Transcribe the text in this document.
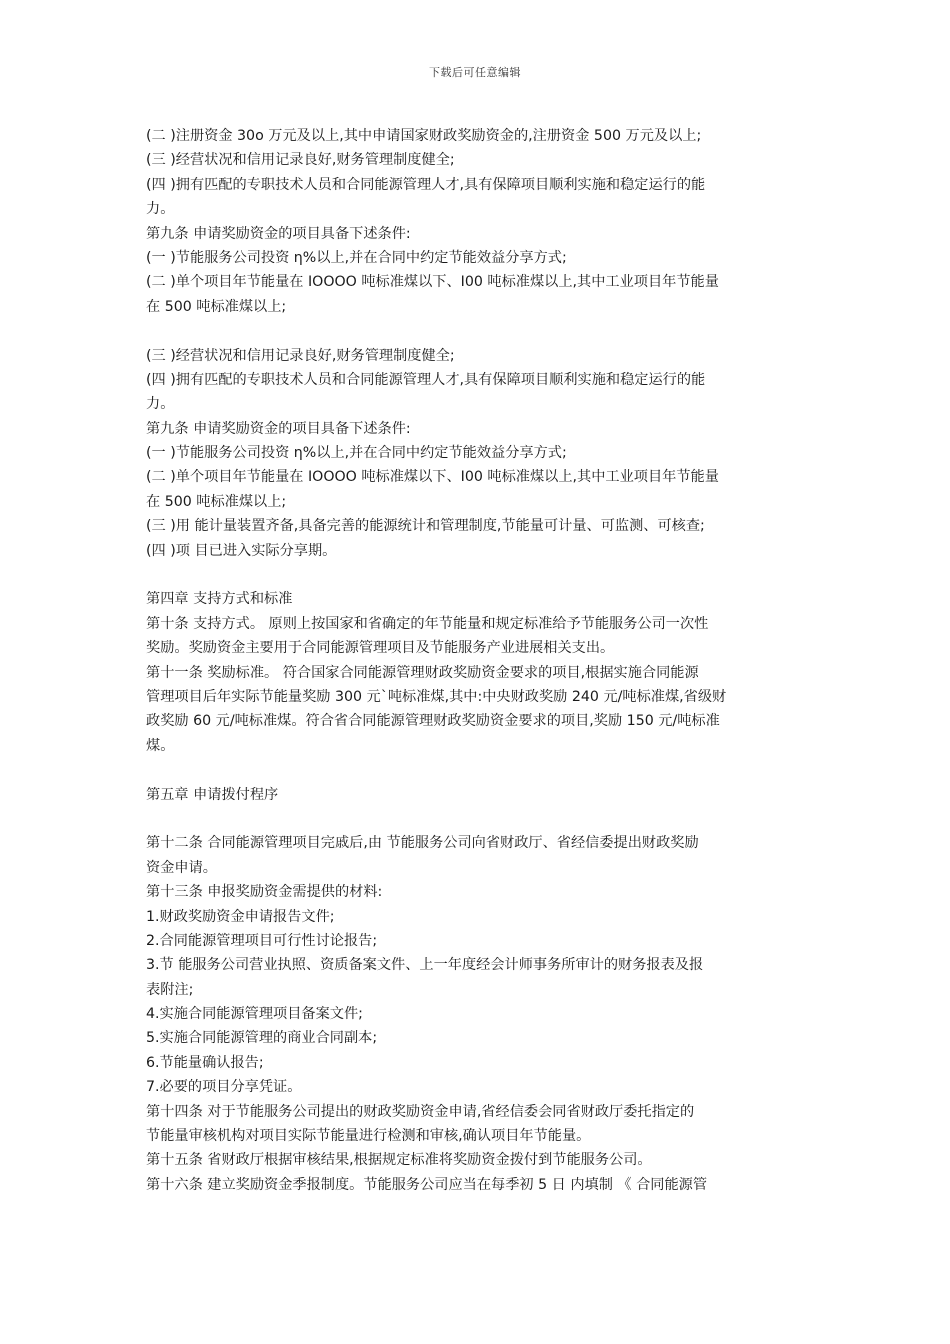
下载后可任意编辑
(二 )注册资金 30o 万元及以上,其中申请国家财政奖励资金的,注册资金 500 万元及以上;
(三 )经营状况和信用记录良好,财务管理制度健全;
(四 )拥有匹配的专职技术人员和合同能源管理人才,具有保障项目顺利实施和稳定运行的能
力。
第九条 申请奖励资金的项目具备下述条件:
(一 )节能服务公司投资 η%以上,并在合同中约定节能效益分享方式;
(二 )单个项目年节能量在 IOOOO 吨标准煤以下、I00 吨标准煤以上,其中工业项目年节能量
在 500 吨标准煤以上;
(三 )经营状况和信用记录良好,财务管理制度健全;
(四 )拥有匹配的专职技术人员和合同能源管理人才,具有保障项目顺利实施和稳定运行的能
力。
第九条 申请奖励资金的项目具备下述条件:
(一 )节能服务公司投资 η%以上,并在合同中约定节能效益分享方式;
(二 )单个项目年节能量在 IOOOO 吨标准煤以下、I00 吨标准煤以上,其中工业项目年节能量
在 500 吨标准煤以上;
(三 )用 能计量装置齐备,具备完善的能源统计和管理制度,节能量可计量、可监测、可核查;
(四 )项 目已进入实际分享期。
第四章 支持方式和标准
第十条 支持方式。 原则上按国家和省确定的年节能量和规定标准给予节能服务公司一次性
奖励。奖励资金主要用于合同能源管理项目及节能服务产业进展相关支出。
第十一条 奖励标准。 符合国家合同能源管理财政奖励资金要求的项目,根据实施合同能源
管理项目后年实际节能量奖励 300 元`吨标准煤,其中:中央财政奖励 240 元/吨标准煤,省级财
政奖励 60 元/吨标准煤。符合省合同能源管理财政奖励资金要求的项目,奖励 150 元/吨标准
煤。
第五章 申请拨付程序
第十二条 合同能源管理项目完戚后,由 节能服务公司向省财政厅、省经信委提出财政奖励
资金申请。
第十三条 申报奖励资金需提供的材料:
1.财政奖励资金申请报告文件;
2.合同能源管理项目可行性讨论报告;
3.节 能服务公司营业执照、资质备案文件、上一年度经会计师事务所审计的财务报表及报
表附注;
4.实施合同能源管理项目备案文件;
5.实施合同能源管理的商业合同副本;
6.节能量确认报告;
7.必要的项目分享凭证。
第十四条 对于节能服务公司提出的财政奖励资金申请,省经信委会同省财政厅委托指定的
节能量审核机构对项目实际节能量进行检测和审核,确认项目年节能量。
第十五条 省财政厅根据审核结果,根据规定标准将奖励资金拨付到节能服务公司。
第十六条 建立奖励资金季报制度。节能服务公司应当在每季初 5 日 内填制 《 合同能源管
